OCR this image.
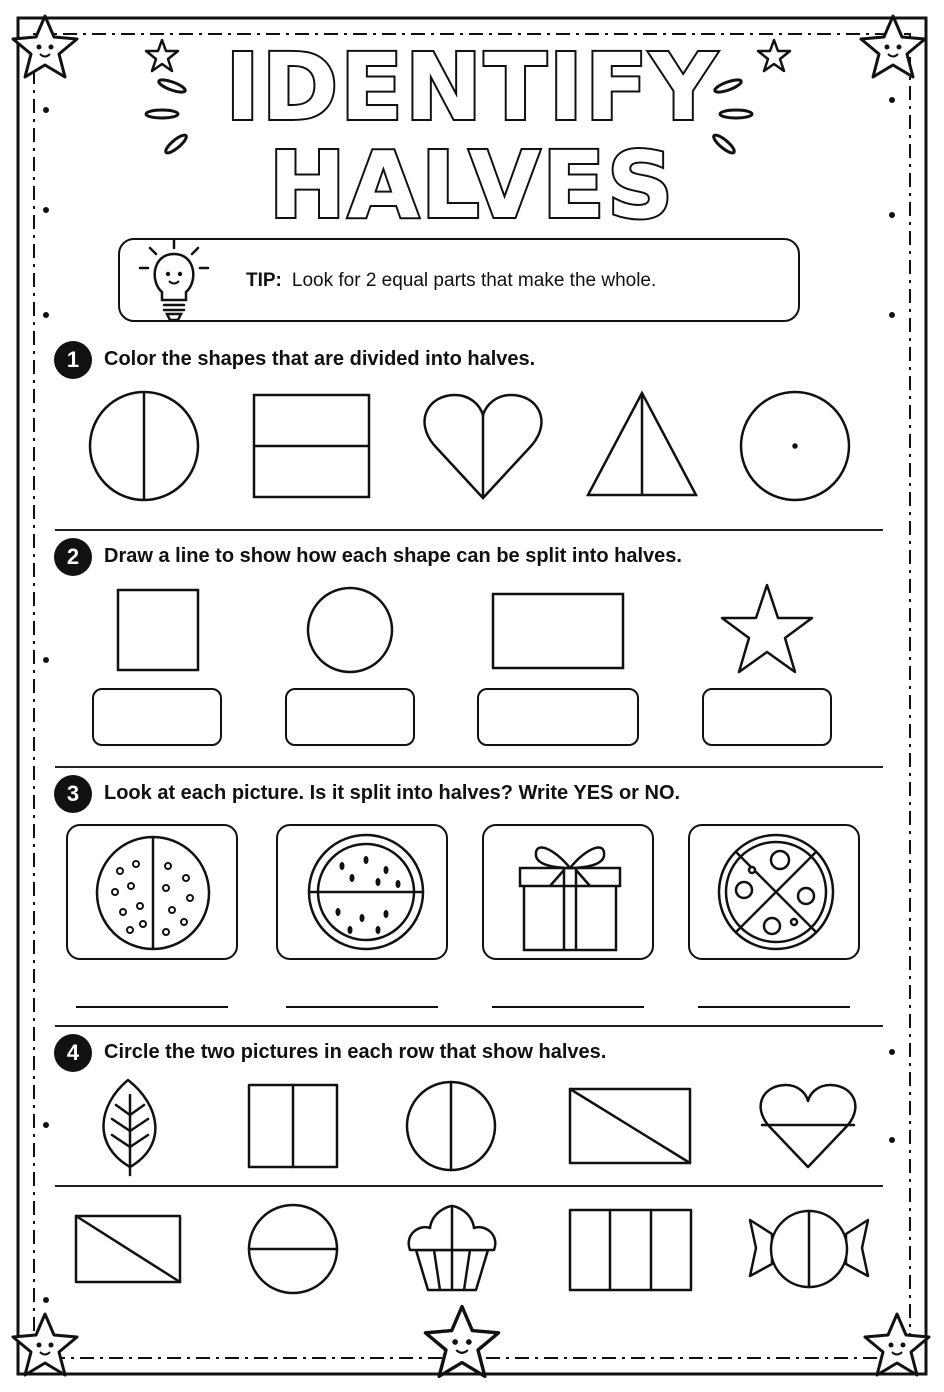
IDENTIFY
HALVES
TIP: Look for 2 equal parts that make the whole.
1	Color the shapes that are divided into halves.
2	Draw a line to show how each shape can be split into halves.
3	Look at each picture. Is it split into halves? Write YES or NO.
4	Circle the two pictures in each row that show halves.
